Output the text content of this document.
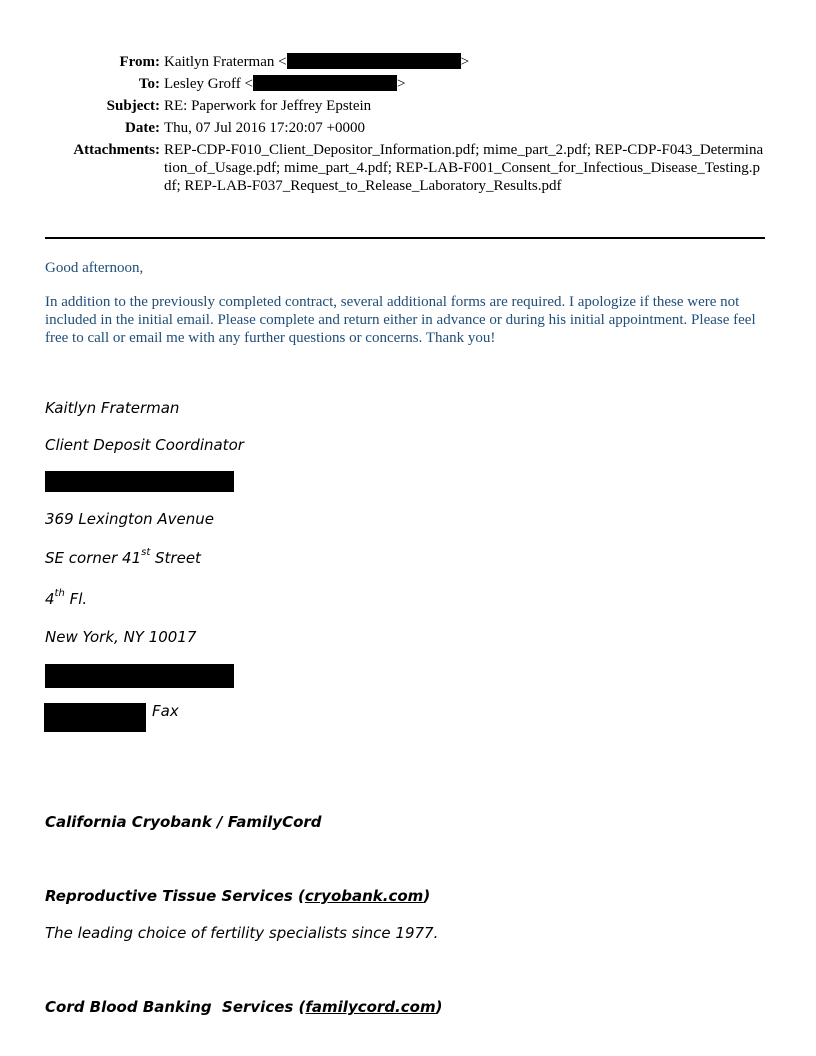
From: Kaitlyn Fraterman <	>
To: Lesley Groff <	>
Subject: RE: Paperwork for Jeffrey Epstein
Date: Thu, 07 Jul 2016 17:20:07 +0000
Attachments: REP-CDP-F010_Client_Depositor_Information.pdf; mime_part_2.pdf; REP-CDP-F043_Determination_of_Usage.pdf; mime_part_4.pdf; REP-LAB-F001_Consent_for_Infectious_Disease_Testing.pdf; REP-LAB-F037_Request_to_Release_Laboratory_Results.pdf
Good afternoon,
In addition to the previously completed contract, several additional forms are required. I apologize if these were not included in the initial email. Please complete and return either in advance or during his initial appointment. Please feel free to call or email me with any further questions or concerns. Thank you!
Kaitlyn Fraterman
Client Deposit Coordinator
369 Lexington Avenue
SE corner 41st Street
4th Fl.
New York, NY 10017
Fax
California Cryobank / FamilyCord
Reproductive Tissue Services (cryobank.com)
The leading choice of fertility specialists since 1977.
Cord Blood Banking  Services (familycord.com)
